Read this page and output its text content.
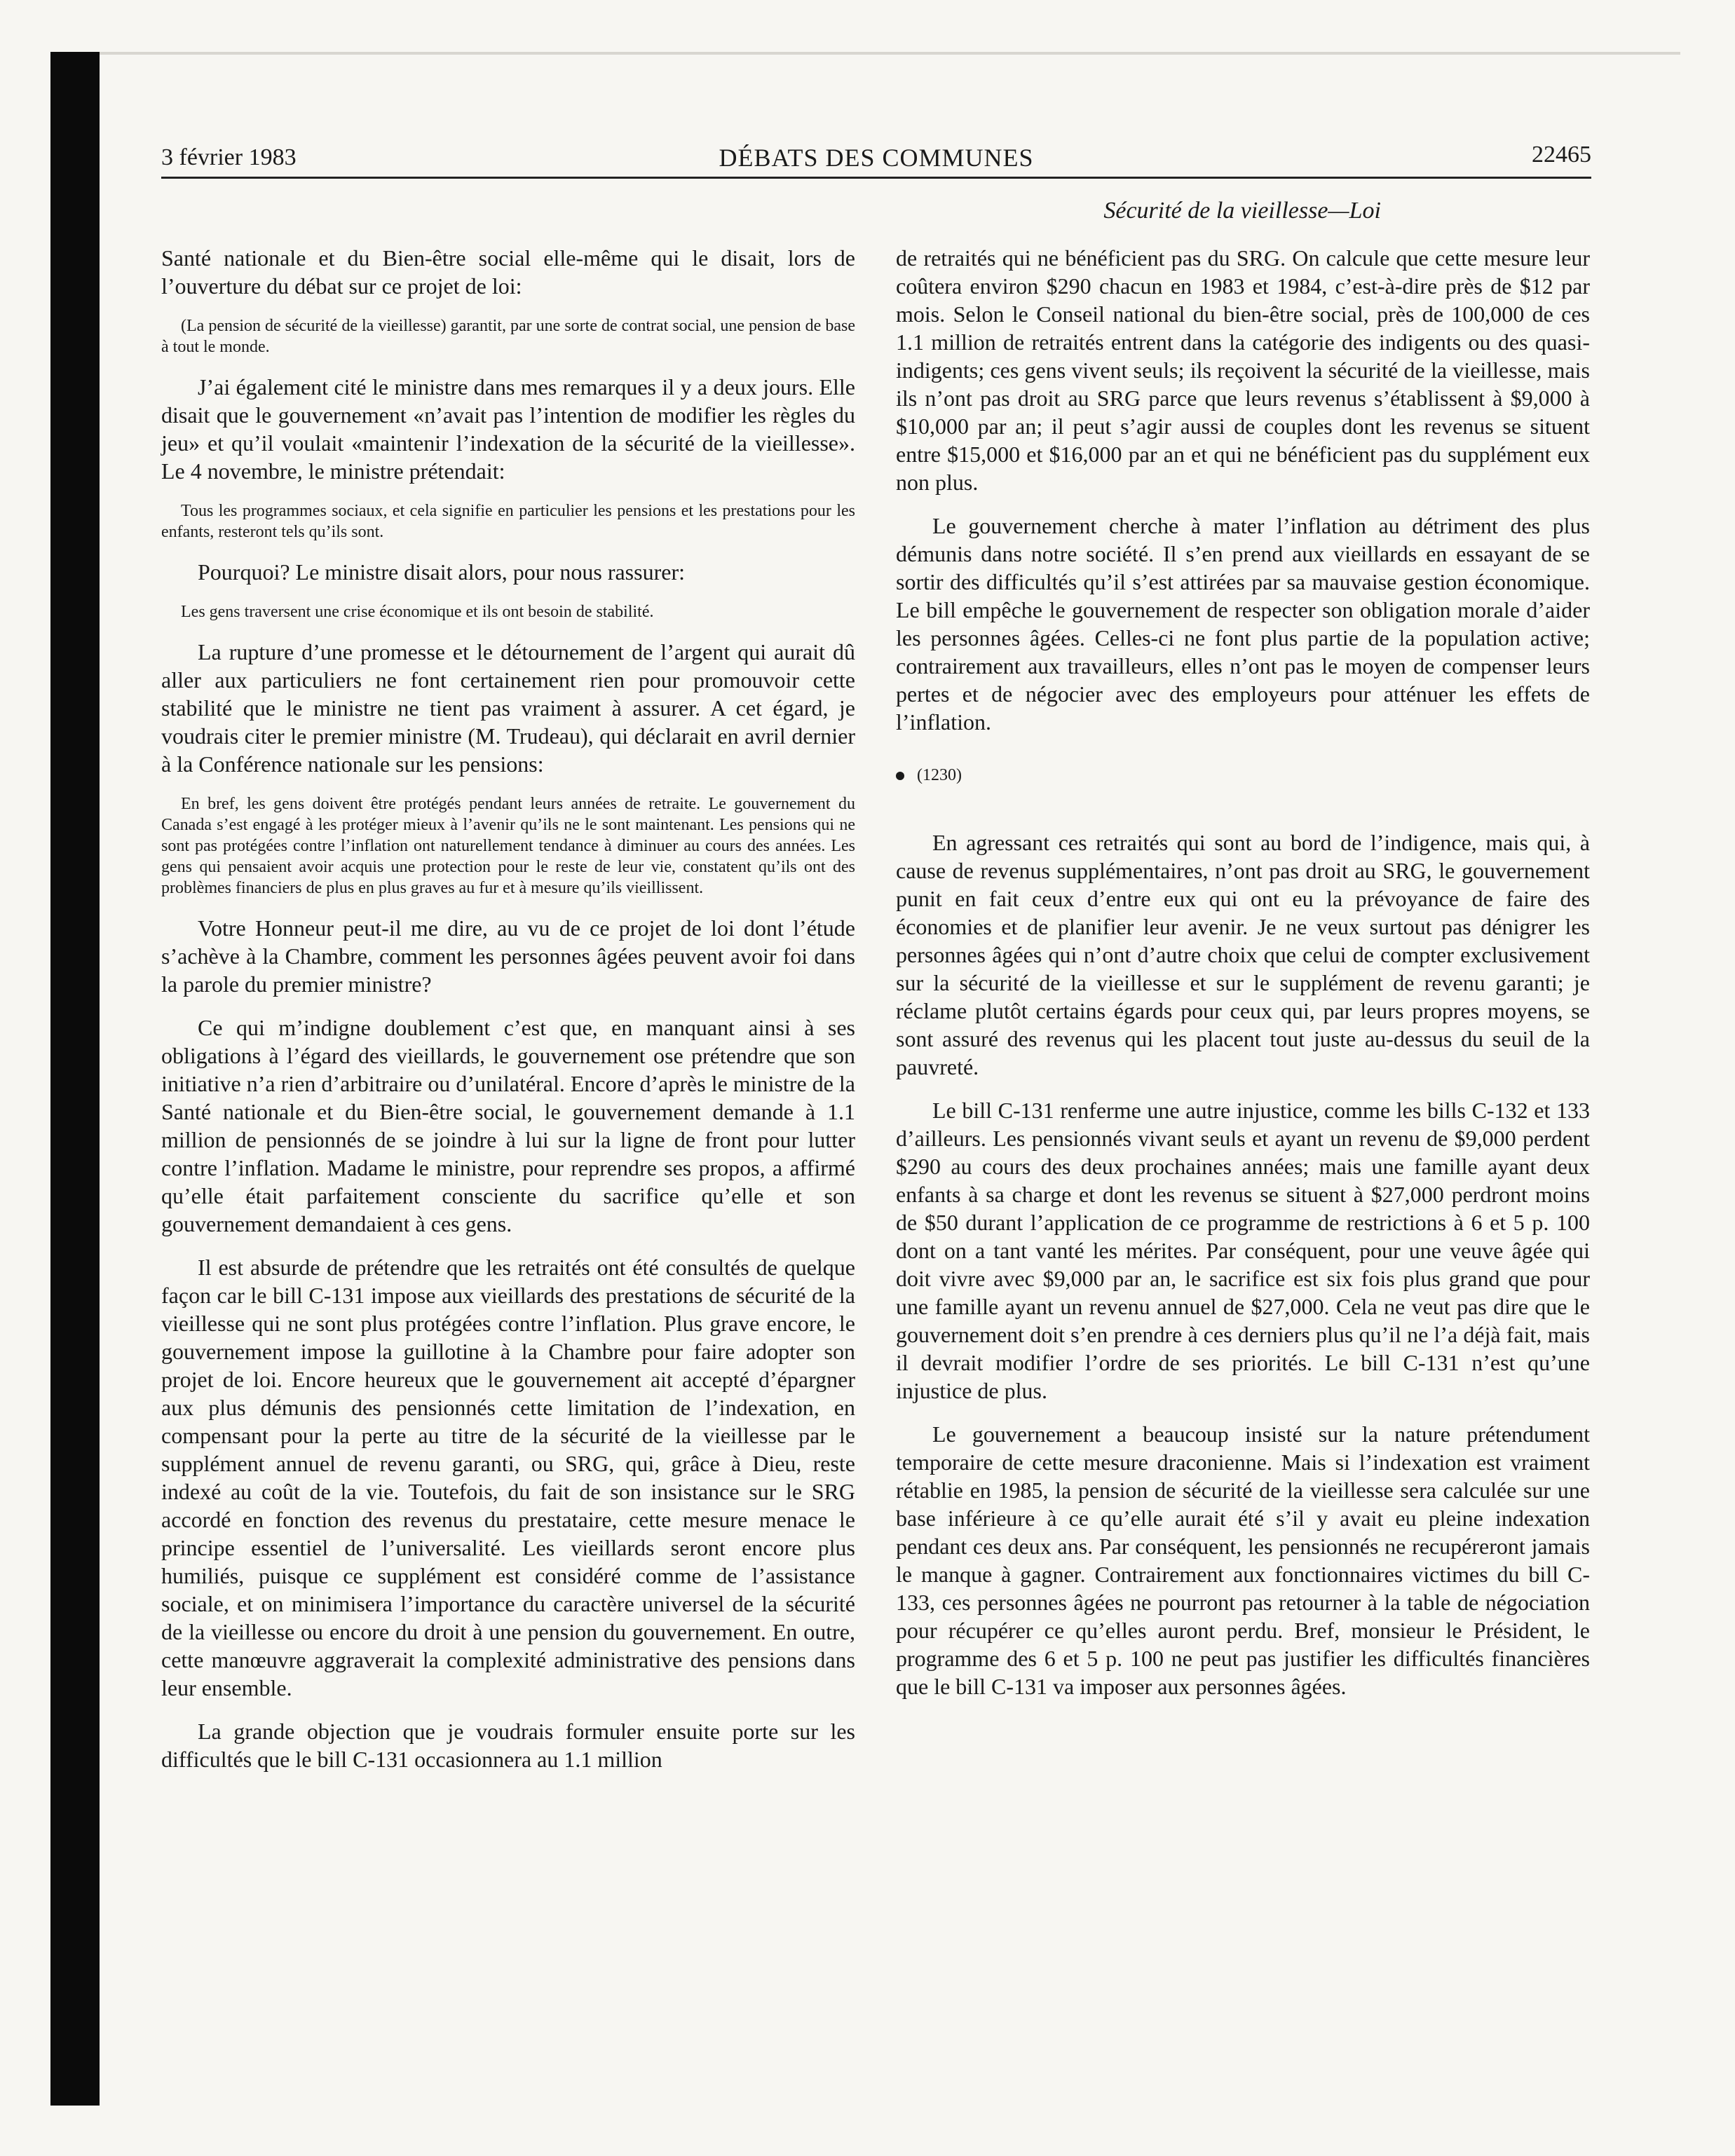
3 février 1983	DÉBATS DES COMMUNES	22465
Sécurité de la vieillesse—Loi

Santé nationale et du Bien-être social elle-même qui le disait, lors de l’ouverture du débat sur ce projet de loi:

(La pension de sécurité de la vieillesse) garantit, par une sorte de contrat social, une pension de base à tout le monde.

J’ai également cité le ministre dans mes remarques il y a deux jours. Elle disait que le gouvernement «n’avait pas l’intention de modifier les règles du jeu» et qu’il voulait «maintenir l’indexation de la sécurité de la vieillesse». Le 4 novembre, le ministre prétendait:

Tous les programmes sociaux, et cela signifie en particulier les pensions et les prestations pour les enfants, resteront tels qu’ils sont.

Pourquoi? Le ministre disait alors, pour nous rassurer:

Les gens traversent une crise économique et ils ont besoin de stabilité.

La rupture d’une promesse et le détournement de l’argent qui aurait dû aller aux particuliers ne font certainement rien pour promouvoir cette stabilité que le ministre ne tient pas vraiment à assurer. A cet égard, je voudrais citer le premier ministre (M. Trudeau), qui déclarait en avril dernier à la Conférence nationale sur les pensions:

En bref, les gens doivent être protégés pendant leurs années de retraite. Le gouvernement du Canada s’est engagé à les protéger mieux à l’avenir qu’ils ne le sont maintenant. Les pensions qui ne sont pas protégées contre l’inflation ont naturellement tendance à diminuer au cours des années. Les gens qui pensaient avoir acquis une protection pour le reste de leur vie, constatent qu’ils ont des problèmes financiers de plus en plus graves au fur et à mesure qu’ils vieillissent.

Votre Honneur peut-il me dire, au vu de ce projet de loi dont l’étude s’achève à la Chambre, comment les personnes âgées peuvent avoir foi dans la parole du premier ministre?

Ce qui m’indigne doublement c’est que, en manquant ainsi à ses obligations à l’égard des vieillards, le gouvernement ose prétendre que son initiative n’a rien d’arbitraire ou d’unilatéral. Encore d’après le ministre de la Santé nationale et du Bien-être social, le gouvernement demande à 1.1 million de pensionnés de se joindre à lui sur la ligne de front pour lutter contre l’inflation. Madame le ministre, pour reprendre ses propos, a affirmé qu’elle était parfaitement consciente du sacrifice qu’elle et son gouvernement demandaient à ces gens.

Il est absurde de prétendre que les retraités ont été consultés de quelque façon car le bill C-131 impose aux vieillards des prestations de sécurité de la vieillesse qui ne sont plus protégées contre l’inflation. Plus grave encore, le gouvernement impose la guillotine à la Chambre pour faire adopter son projet de loi. Encore heureux que le gouvernement ait accepté d’épargner aux plus démunis des pensionnés cette limitation de l’indexation, en compensant pour la perte au titre de la sécurité de la vieillesse par le supplément annuel de revenu garanti, ou SRG, qui, grâce à Dieu, reste indexé au coût de la vie. Toutefois, du fait de son insistance sur le SRG accordé en fonction des revenus du prestataire, cette mesure menace le principe essentiel de l’universalité. Les vieillards seront encore plus humiliés, puisque ce supplément est considéré comme de l’assistance sociale, et on minimisera l’importance du caractère universel de la sécurité de la vieillesse ou encore du droit à une pension du gouvernement. En outre, cette manœuvre aggraverait la complexité administrative des pensions dans leur ensemble.

La grande objection que je voudrais formuler ensuite porte sur les difficultés que le bill C-131 occasionnera au 1.1 million

de retraités qui ne bénéficient pas du SRG. On calcule que cette mesure leur coûtera environ $290 chacun en 1983 et 1984, c’est-à-dire près de $12 par mois. Selon le Conseil national du bien-être social, près de 100,000 de ces 1.1 million de retraités entrent dans la catégorie des indigents ou des quasi-indigents; ces gens vivent seuls; ils reçoivent la sécurité de la vieillesse, mais ils n’ont pas droit au SRG parce que leurs revenus s’établissent à $9,000 à $10,000 par an; il peut s’agir aussi de couples dont les revenus se situent entre $15,000 et $16,000 par an et qui ne bénéficient pas du supplément eux non plus.

Le gouvernement cherche à mater l’inflation au détriment des plus démunis dans notre société. Il s’en prend aux vieillards en essayant de se sortir des difficultés qu’il s’est attirées par sa mauvaise gestion économique. Le bill empêche le gouvernement de respecter son obligation morale d’aider les personnes âgées. Celles-ci ne font plus partie de la population active; contrairement aux travailleurs, elles n’ont pas le moyen de compenser leurs pertes et de négocier avec des employeurs pour atténuer les effets de l’inflation.

(1230)

En agressant ces retraités qui sont au bord de l’indigence, mais qui, à cause de revenus supplémentaires, n’ont pas droit au SRG, le gouvernement punit en fait ceux d’entre eux qui ont eu la prévoyance de faire des économies et de planifier leur avenir. Je ne veux surtout pas dénigrer les personnes âgées qui n’ont d’autre choix que celui de compter exclusivement sur la sécurité de la vieillesse et sur le supplément de revenu garanti; je réclame plutôt certains égards pour ceux qui, par leurs propres moyens, se sont assuré des revenus qui les placent tout juste au-dessus du seuil de la pauvreté.

Le bill C-131 renferme une autre injustice, comme les bills C-132 et 133 d’ailleurs. Les pensionnés vivant seuls et ayant un revenu de $9,000 perdent $290 au cours des deux prochaines années; mais une famille ayant deux enfants à sa charge et dont les revenus se situent à $27,000 perdront moins de $50 durant l’application de ce programme de restrictions à 6 et 5 p. 100 dont on a tant vanté les mérites. Par conséquent, pour une veuve âgée qui doit vivre avec $9,000 par an, le sacrifice est six fois plus grand que pour une famille ayant un revenu annuel de $27,000. Cela ne veut pas dire que le gouvernement doit s’en prendre à ces derniers plus qu’il ne l’a déjà fait, mais il devrait modifier l’ordre de ses priorités. Le bill C-131 n’est qu’une injustice de plus.

Le gouvernement a beaucoup insisté sur la nature prétendument temporaire de cette mesure draconienne. Mais si l’indexation est vraiment rétablie en 1985, la pension de sécurité de la vieillesse sera calculée sur une base inférieure à ce qu’elle aurait été s’il y avait eu pleine indexation pendant ces deux ans. Par conséquent, les pensionnés ne recupéreront jamais le manque à gagner. Contrairement aux fonctionnaires victimes du bill C-133, ces personnes âgées ne pourront pas retourner à la table de négociation pour récupérer ce qu’elles auront perdu. Bref, monsieur le Président, le programme des 6 et 5 p. 100 ne peut pas justifier les difficultés financières que le bill C-131 va imposer aux personnes âgées.
